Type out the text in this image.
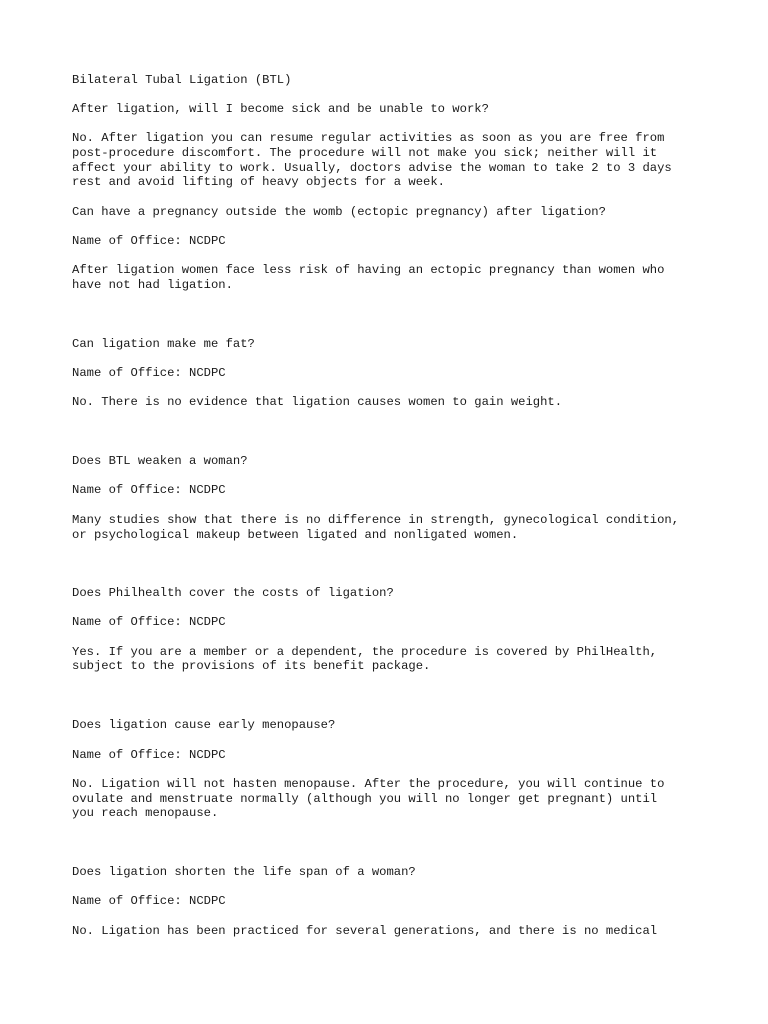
Bilateral Tubal Ligation (BTL)

After ligation, will I become sick and be unable to work?

No. After ligation you can resume regular activities as soon as you are free from

post-procedure discomfort. The procedure will not make you sick; neither will it

affect your ability to work. Usually, doctors advise the woman to take 2 to 3 days

rest and avoid lifting of heavy objects for a week.

Can have a pregnancy outside the womb (ectopic pregnancy) after ligation?

Name of Office: NCDPC

After ligation women face less risk of having an ectopic pregnancy than women who

have not had ligation.

Can ligation make me fat?

Name of Office: NCDPC

No. There is no evidence that ligation causes women to gain weight.

Does BTL weaken a woman?

Name of Office: NCDPC

Many studies show that there is no difference in strength, gynecological condition,

or psychological makeup between ligated and nonligated women.

Does Philhealth cover the costs of ligation?

Name of Office: NCDPC

Yes. If you are a member or a dependent, the procedure is covered by PhilHealth,

subject to the provisions of its benefit package.

Does ligation cause early menopause?

Name of Office: NCDPC

No. Ligation will not hasten menopause. After the procedure, you will continue to

ovulate and menstruate normally (although you will no longer get pregnant) until

you reach menopause.

Does ligation shorten the life span of a woman?

Name of Office: NCDPC

No. Ligation has been practiced for several generations, and there is no medical
